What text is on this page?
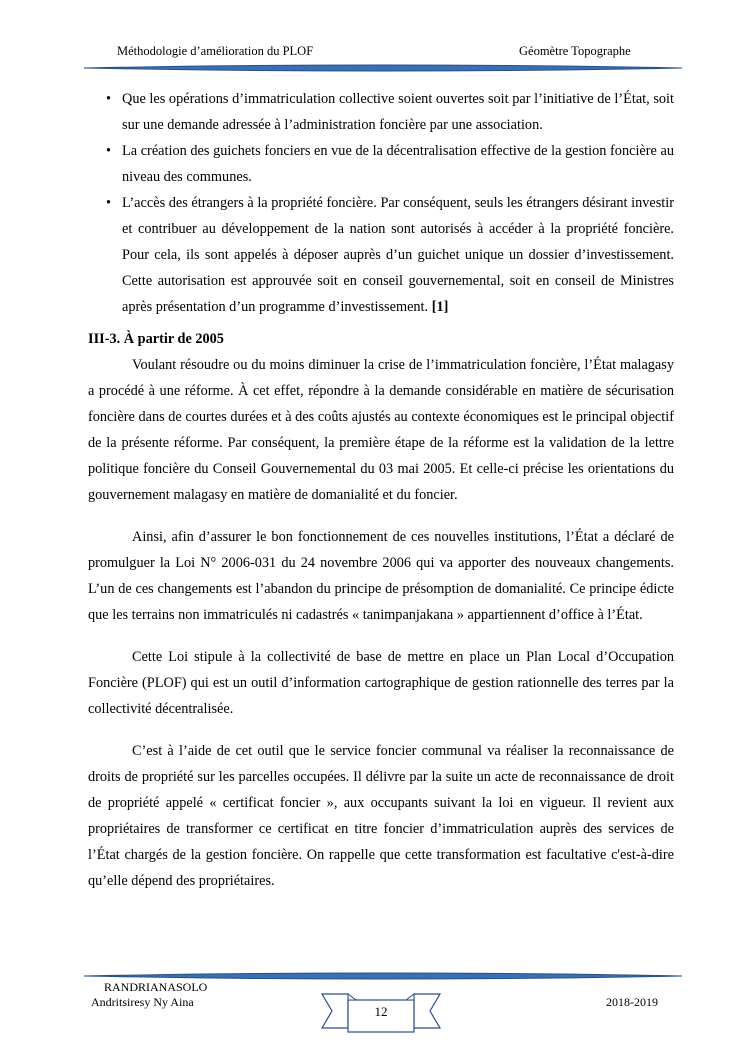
Méthodologie d’amélioration du PLOF	Géomètre Topographe
• Que les opérations d’immatriculation collective soient ouvertes soit par l’initiative de l’État, soit sur une demande adressée à l’administration foncière par une association.
• La création des guichets fonciers en vue de la décentralisation effective de la gestion foncière au niveau des communes.
• L’accès des étrangers à la propriété foncière. Par conséquent, seuls les étrangers désirant investir et contribuer au développement de la nation sont autorisés à accéder à la propriété foncière. Pour cela, ils sont appelés à déposer auprès d’un guichet unique un dossier d’investissement. Cette autorisation est approuvée soit en conseil gouvernemental, soit en conseil de Ministres après présentation d’un programme d’investissement. [1]
III-3. À partir de 2005

Voulant résoudre ou du moins diminuer la crise de l’immatriculation foncière, l’État malagasy a procédé à une réforme. À cet effet, répondre à la demande considérable en matière de sécurisation foncière dans de courtes durées et à des coûts ajustés au contexte économiques est le principal objectif de la présente réforme. Par conséquent, la première étape de la réforme est la validation de la lettre politique foncière du Conseil Gouvernemental du 03 mai 2005. Et celle-ci précise les orientations du gouvernement malagasy en matière de domanialité et du foncier.

Ainsi, afin d’assurer le bon fonctionnement de ces nouvelles institutions, l’État a déclaré de promulguer la Loi N° 2006-031 du 24 novembre 2006 qui va apporter des nouveaux changements. L’un de ces changements est l’abandon du principe de présomption de domanialité. Ce principe édicte que les terrains non immatriculés ni cadastrés « tanimpanjakana » appartiennent d’office à l’État.

Cette Loi stipule à la collectivité de base de mettre en place un Plan Local d’Occupation Foncière (PLOF) qui est un outil d’information cartographique de gestion rationnelle des terres par la collectivité décentralisée.

C’est à l’aide de cet outil que le service foncier communal va réaliser la reconnaissance de droits de propriété sur les parcelles occupées. Il délivre par la suite un acte de reconnaissance de droit de propriété appelé « certificat foncier », aux occupants suivant la loi en vigueur. Il revient aux propriétaires de transformer ce certificat en titre foncier d’immatriculation auprès des services de l’État chargés de la gestion foncière. On rappelle que cette transformation est facultative c'est-à-dire qu’elle dépend des propriétaires.

RANDRIANASOLO
Andritsiresy Ny Aina
12
2018-2019
